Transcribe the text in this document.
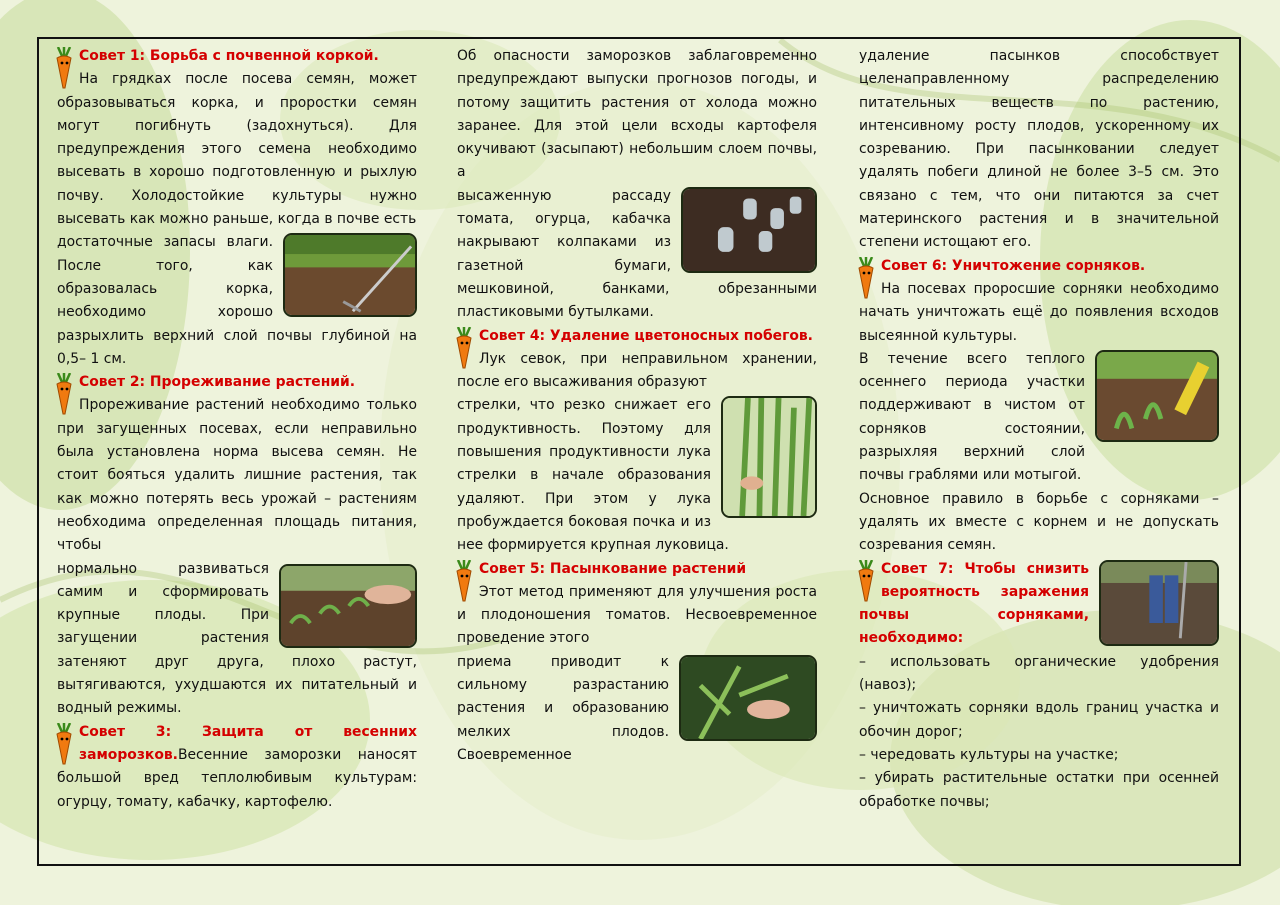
Совет 1: Борьба с почвенной коркой.
На грядках после посева семян, может образовываться корка, и проростки семян могут погибнуть (задохнуться). Для предупреждения этого семена необходимо высевать в хорошо подготовленную и рыхлую почву. Холодостойкие культуры нужно высевать как можно раньше, когда в почве есть

достаточные запасы влаги. После того, как образовалась корка, необходимо хорошо разрыхлить верхний слой почвы глубиной на 0,5– 1 см.

Совет 2: Прореживание растений.
Прореживание растений необходимо только при загущенных посевах, если неправильно была установлена норма высева семян. Не стоит бояться удалить лишние растения, так как можно потерять весь урожай – растениям необходима определенная площадь питания, чтобы

нормально развиваться самим и сформировать крупные плоды. При загущении растения затеняют друг друга, плохо растут, вытягиваются, ухудшаются их питательный и водный режимы.

Совет 3: Защита от весенних заморозков.Весенние заморозки наносят большой вред теплолюбивым культурам: огурцу, томату, кабачку, картофелю.

Об опасности заморозков заблаговременно предупреждают выпуски прогнозов погоды, и потому защитить растения от холода можно заранее. Для этой цели всходы картофеля окучивают (засыпают) небольшим слоем почвы, а

высаженную рассаду томата, огурца, кабачка накрывают колпаками из газетной бумаги, мешковиной, банками, обрезанными пластиковыми бутылками.

Совет 4: Удаление цветоносных побегов.
Лук севок, при неправильном хранении, после его высаживания образуют

стрелки, что резко снижает его продуктивность. Поэтому для повышения продуктивности лука стрелки в начале образования удаляют. При этом у лука пробуждается боковая почка и из нее формируется крупная луковица.

Совет 5: Пасынкование растений
Этот метод применяют для улучшения роста и плодоношения томатов. Несвоевременное проведение этого

приема приводит к сильному разрастанию растения и образованию мелких плодов. Своевременное

удаление пасынков способствует целенаправленному распределению питательных веществ по растению, интенсивному росту плодов, ускоренному их созреванию. При пасынковании следует удалять побеги длиной не более 3–5 см. Это связано с тем, что они питаются за счет материнского растения и в значительной степени истощают его.

Совет 6: Уничтожение сорняков.
На посевах проросшие сорняки необходимо начать уничтожать ещё до появления всходов высеянной культуры.

В течение всего теплого осеннего периода участки поддерживают в чистом от сорняков состоянии, разрыхляя верхний слой почвы граблями или мотыгой.

Основное правило в борьбе с сорняками – удалять их вместе с корнем и не допускать созревания семян.

Совет 7: Чтобы снизить вероятность заражения почвы сорняками, необходимо:
– использовать органические удобрения (навоз);
– уничтожать сорняки вдоль границ участка и обочин дорог;
– чередовать культуры на участке;
– убирать растительные остатки при осенней обработке почвы;
